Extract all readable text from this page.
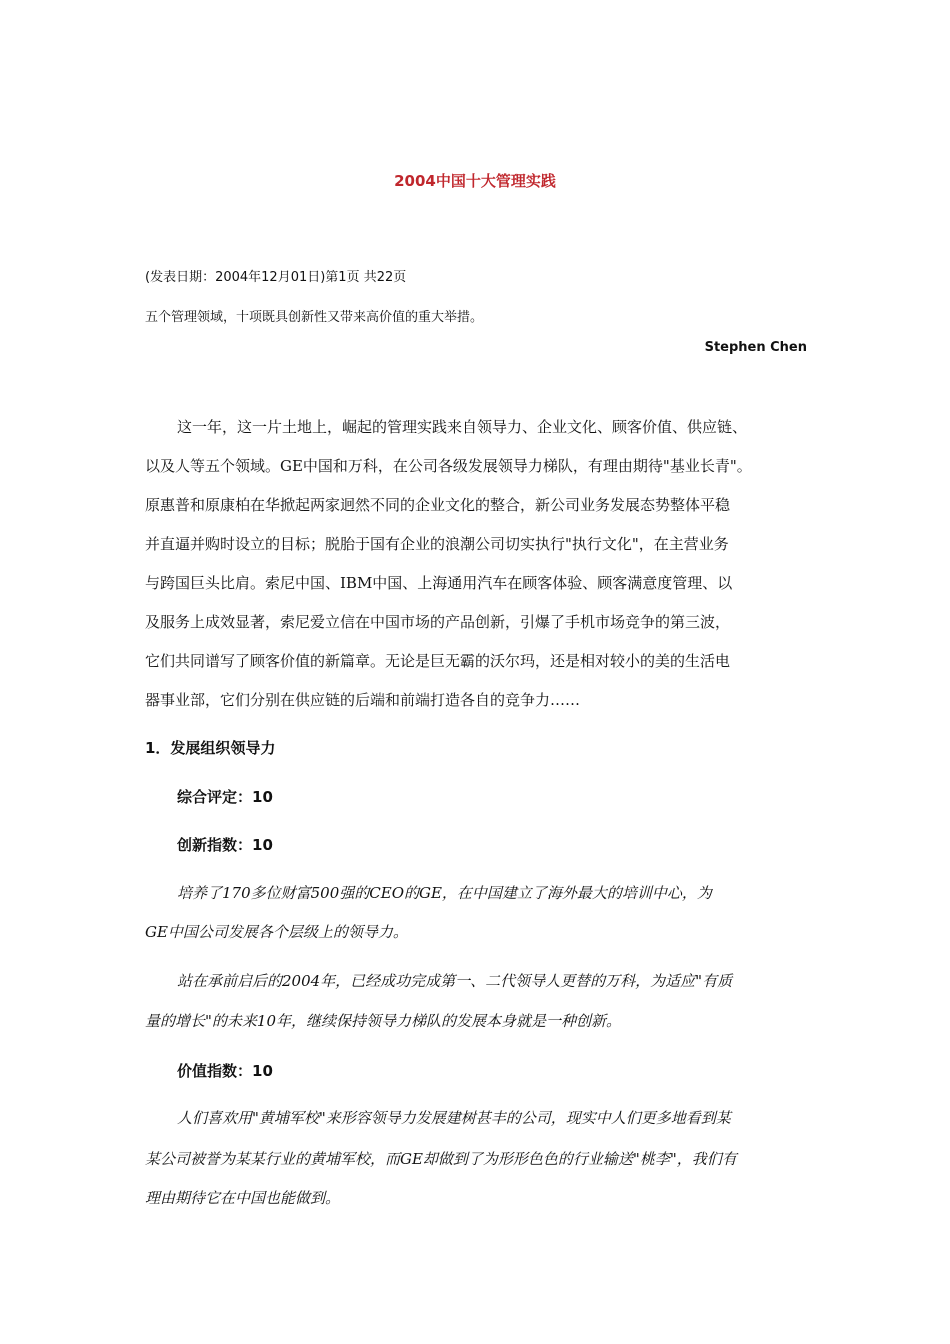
2004中国十大管理实践
(发表日期：2004年12月01日)第1页 共22页
五个管理领域，十项既具创新性又带来高价值的重大举措。
Stephen Chen
这一年，这一片土地上，崛起的管理实践来自领导力、企业文化、顾客价值、供应链、
以及人等五个领域。GE中国和万科，在公司各级发展领导力梯队，有理由期待"基业长青"。
原惠普和原康柏在华掀起两家迥然不同的企业文化的整合，新公司业务发展态势整体平稳
并直逼并购时设立的目标；脱胎于国有企业的浪潮公司切实执行"执行文化"，在主营业务
与跨国巨头比肩。索尼中国、IBM中国、上海通用汽车在顾客体验、顾客满意度管理、以
及服务上成效显著，索尼爱立信在中国市场的产品创新，引爆了手机市场竞争的第三波，
它们共同谱写了顾客价值的新篇章。无论是巨无霸的沃尔玛，还是相对较小的美的生活电
器事业部，它们分别在供应链的后端和前端打造各自的竞争力……
1．发展组织领导力
综合评定：10
创新指数：10
培养了170多位财富500强的CEO的GE，在中国建立了海外最大的培训中心，为
GE中国公司发展各个层级上的领导力。
站在承前启后的2004年，已经成功完成第一、二代领导人更替的万科，为适应"有质
量的增长"的未来10年，继续保持领导力梯队的发展本身就是一种创新。
价值指数：10
人们喜欢用"黄埔军校"来形容领导力发展建树甚丰的公司，现实中人们更多地看到某
某公司被誉为某某行业的黄埔军校，而GE却做到了为形形色色的行业输送"桃李"，我们有
理由期待它在中国也能做到。
